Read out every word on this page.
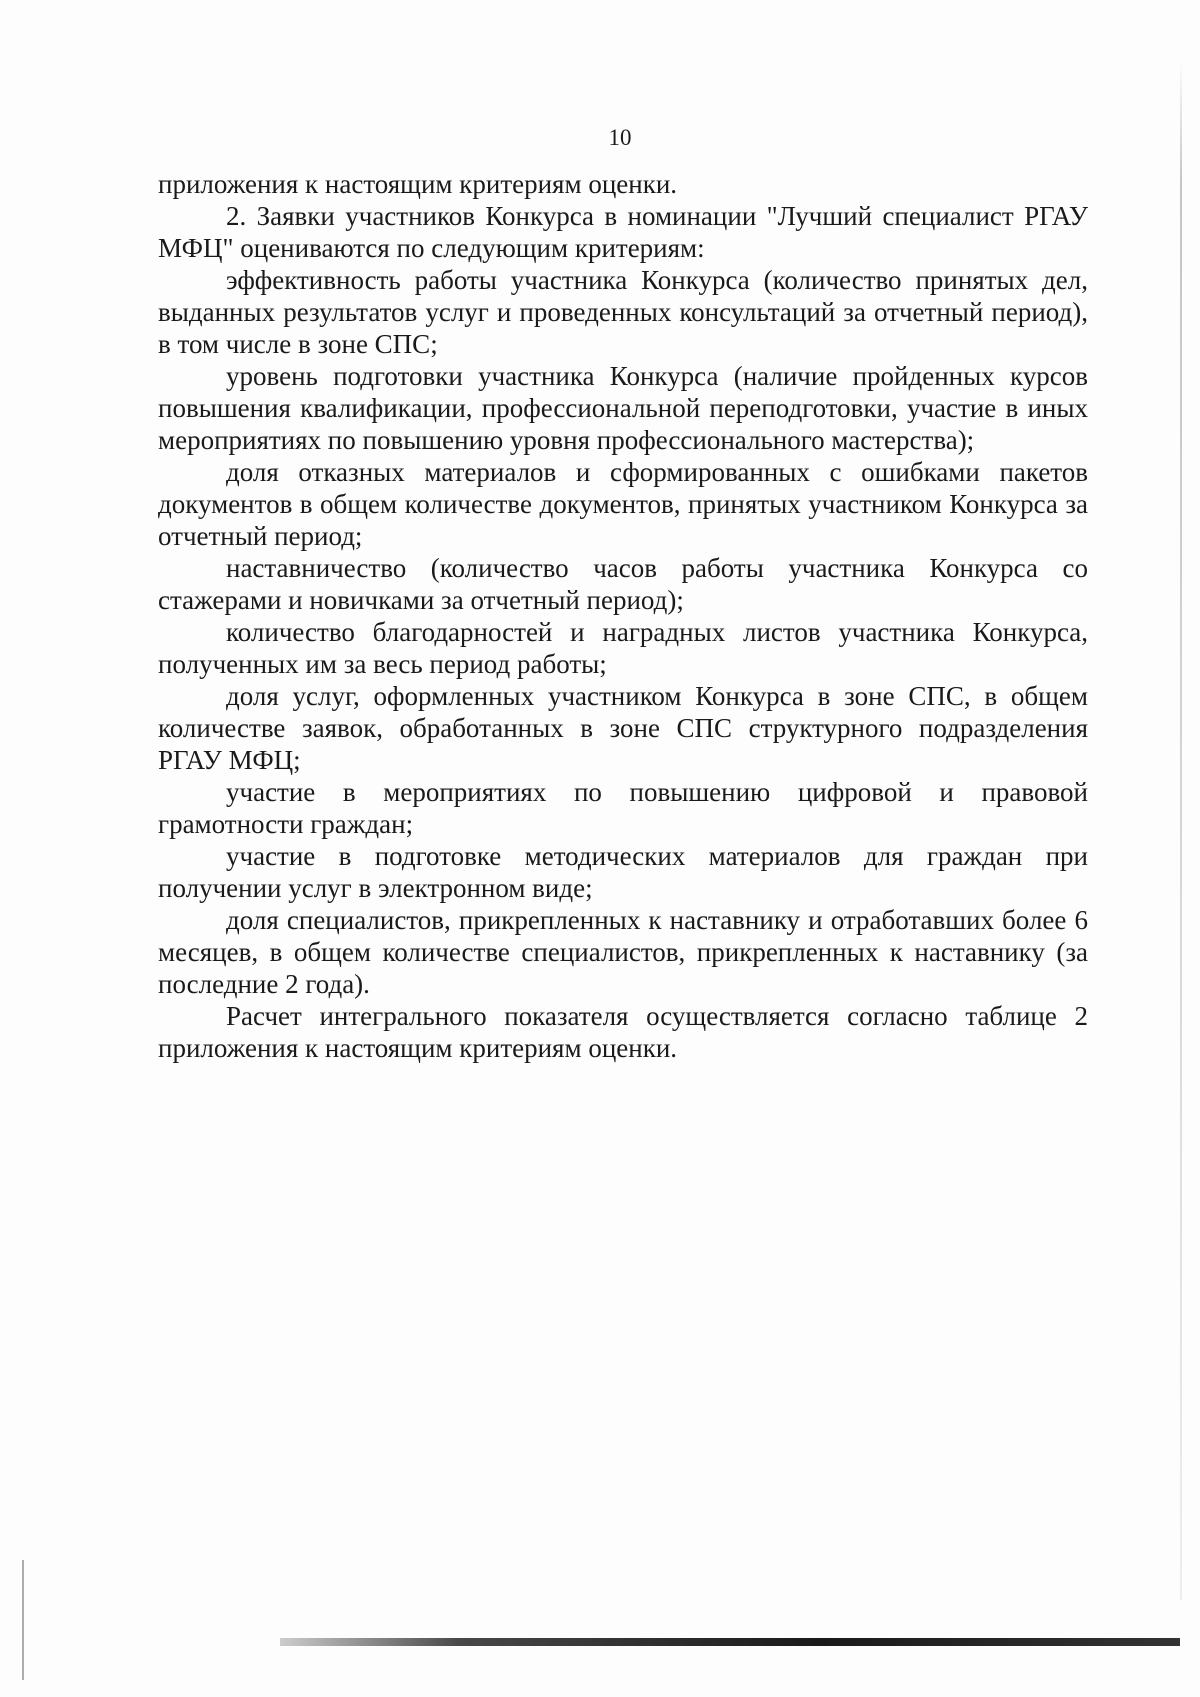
10

приложения к настоящим критериям оценки.

2. Заявки участников Конкурса в номинации "Лучший специалист РГАУ МФЦ" оцениваются по следующим критериям:

эффективность работы участника Конкурса (количество принятых дел, выданных результатов услуг и проведенных консультаций за отчетный период), в том числе в зоне СПС;

уровень подготовки участника Конкурса (наличие пройденных курсов повышения квалификации, профессиональной переподготовки, участие в иных мероприятиях по повышению уровня профессионального мастерства);

доля отказных материалов и сформированных с ошибками пакетов документов в общем количестве документов, принятых участником Конкурса за отчетный период;

наставничество (количество часов работы участника Конкурса со стажерами и новичками за отчетный период);

количество благодарностей и наградных листов участника Конкурса, полученных им за весь период работы;

доля услуг, оформленных участником Конкурса в зоне СПС, в общем количестве заявок, обработанных в зоне СПС структурного подразделения РГАУ МФЦ;

участие в мероприятиях по повышению цифровой и правовой грамотности граждан;

участие в подготовке методических материалов для граждан при получении услуг в электронном виде;

доля специалистов, прикрепленных к наставнику и отработавших более 6 месяцев, в общем количестве специалистов, прикрепленных к наставнику (за последние 2 года).

Расчет интегрального показателя осуществляется согласно таблице 2 приложения к настоящим критериям оценки.
